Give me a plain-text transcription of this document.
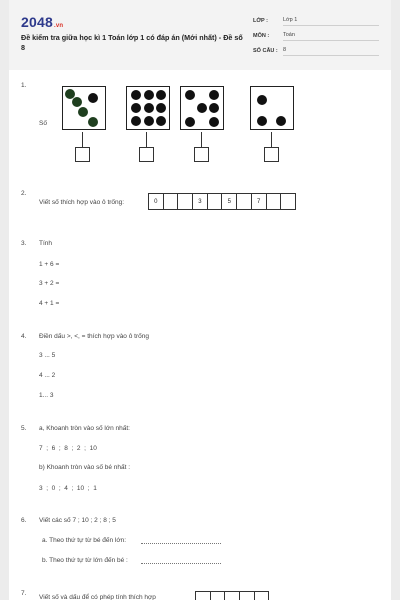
2048.vn
Đề kiểm tra giữa học kì 1 Toán lớp 1 có đáp án (Mới nhất) - Đề số 8
LỚP :	Lớp 1
MÔN :	Toán
SỐ CÂU : 8
1.
Số
2.
Viết số thích hợp vào ô trống:	0	3	5	7
3. Tính
1 + 6 =
3 + 2 =
4 + 1 =
4. Điền dấu >, <, = thích hợp vào ô trống
3 ... 5
4 ... 2
1... 3
5. a, Khoanh tròn vào số lớn nhất:
7  ;  6  ;  8  ;  2  ;  10
b) Khoanh tròn vào số bé nhất :
3  ;  0  ;  4  ;  10  ;  1
6. Viết các số 7 ; 10 ; 2 ; 8 ; 5
a. Theo thứ tự từ bé đến lớn:
b. Theo thứ tự từ lớn đến bé :
7.
Viết số và dấu để có phép tính thích hợp
